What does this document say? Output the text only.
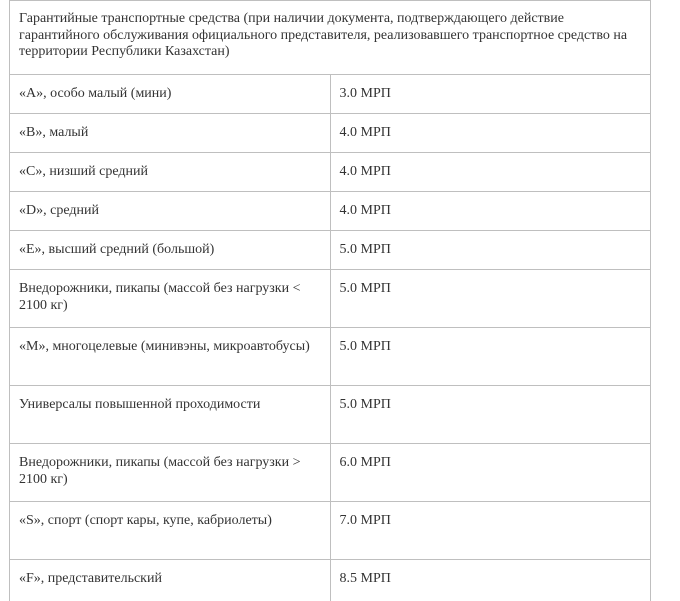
Гарантийные транспортные средства (при наличии документа, подтверждающего действие гарантийного обслуживания официального представителя, реализовавшего транспортное средство на территории Республики Казахстан)	
«А», особо малый (мини)	3.0 МРП
«В», малый	4.0 МРП
«С», низший средний	4.0 МРП
«D», средний	4.0 МРП
«Е», высший средний (большой)	5.0 МРП
Внедорожники, пикапы (массой без нагрузки < 2100 кг)	5.0 МРП
«М», многоцелевые (минивэны, микроавтобусы)	5.0 МРП
Универсалы повышенной проходимости	5.0 МРП
Внедорожники, пикапы (массой без нагрузки > 2100 кг)	6.0 МРП
«S», спорт (спорт кары, купе, кабриолеты)	7.0 МРП
«F», представительский	8.5 МРП
